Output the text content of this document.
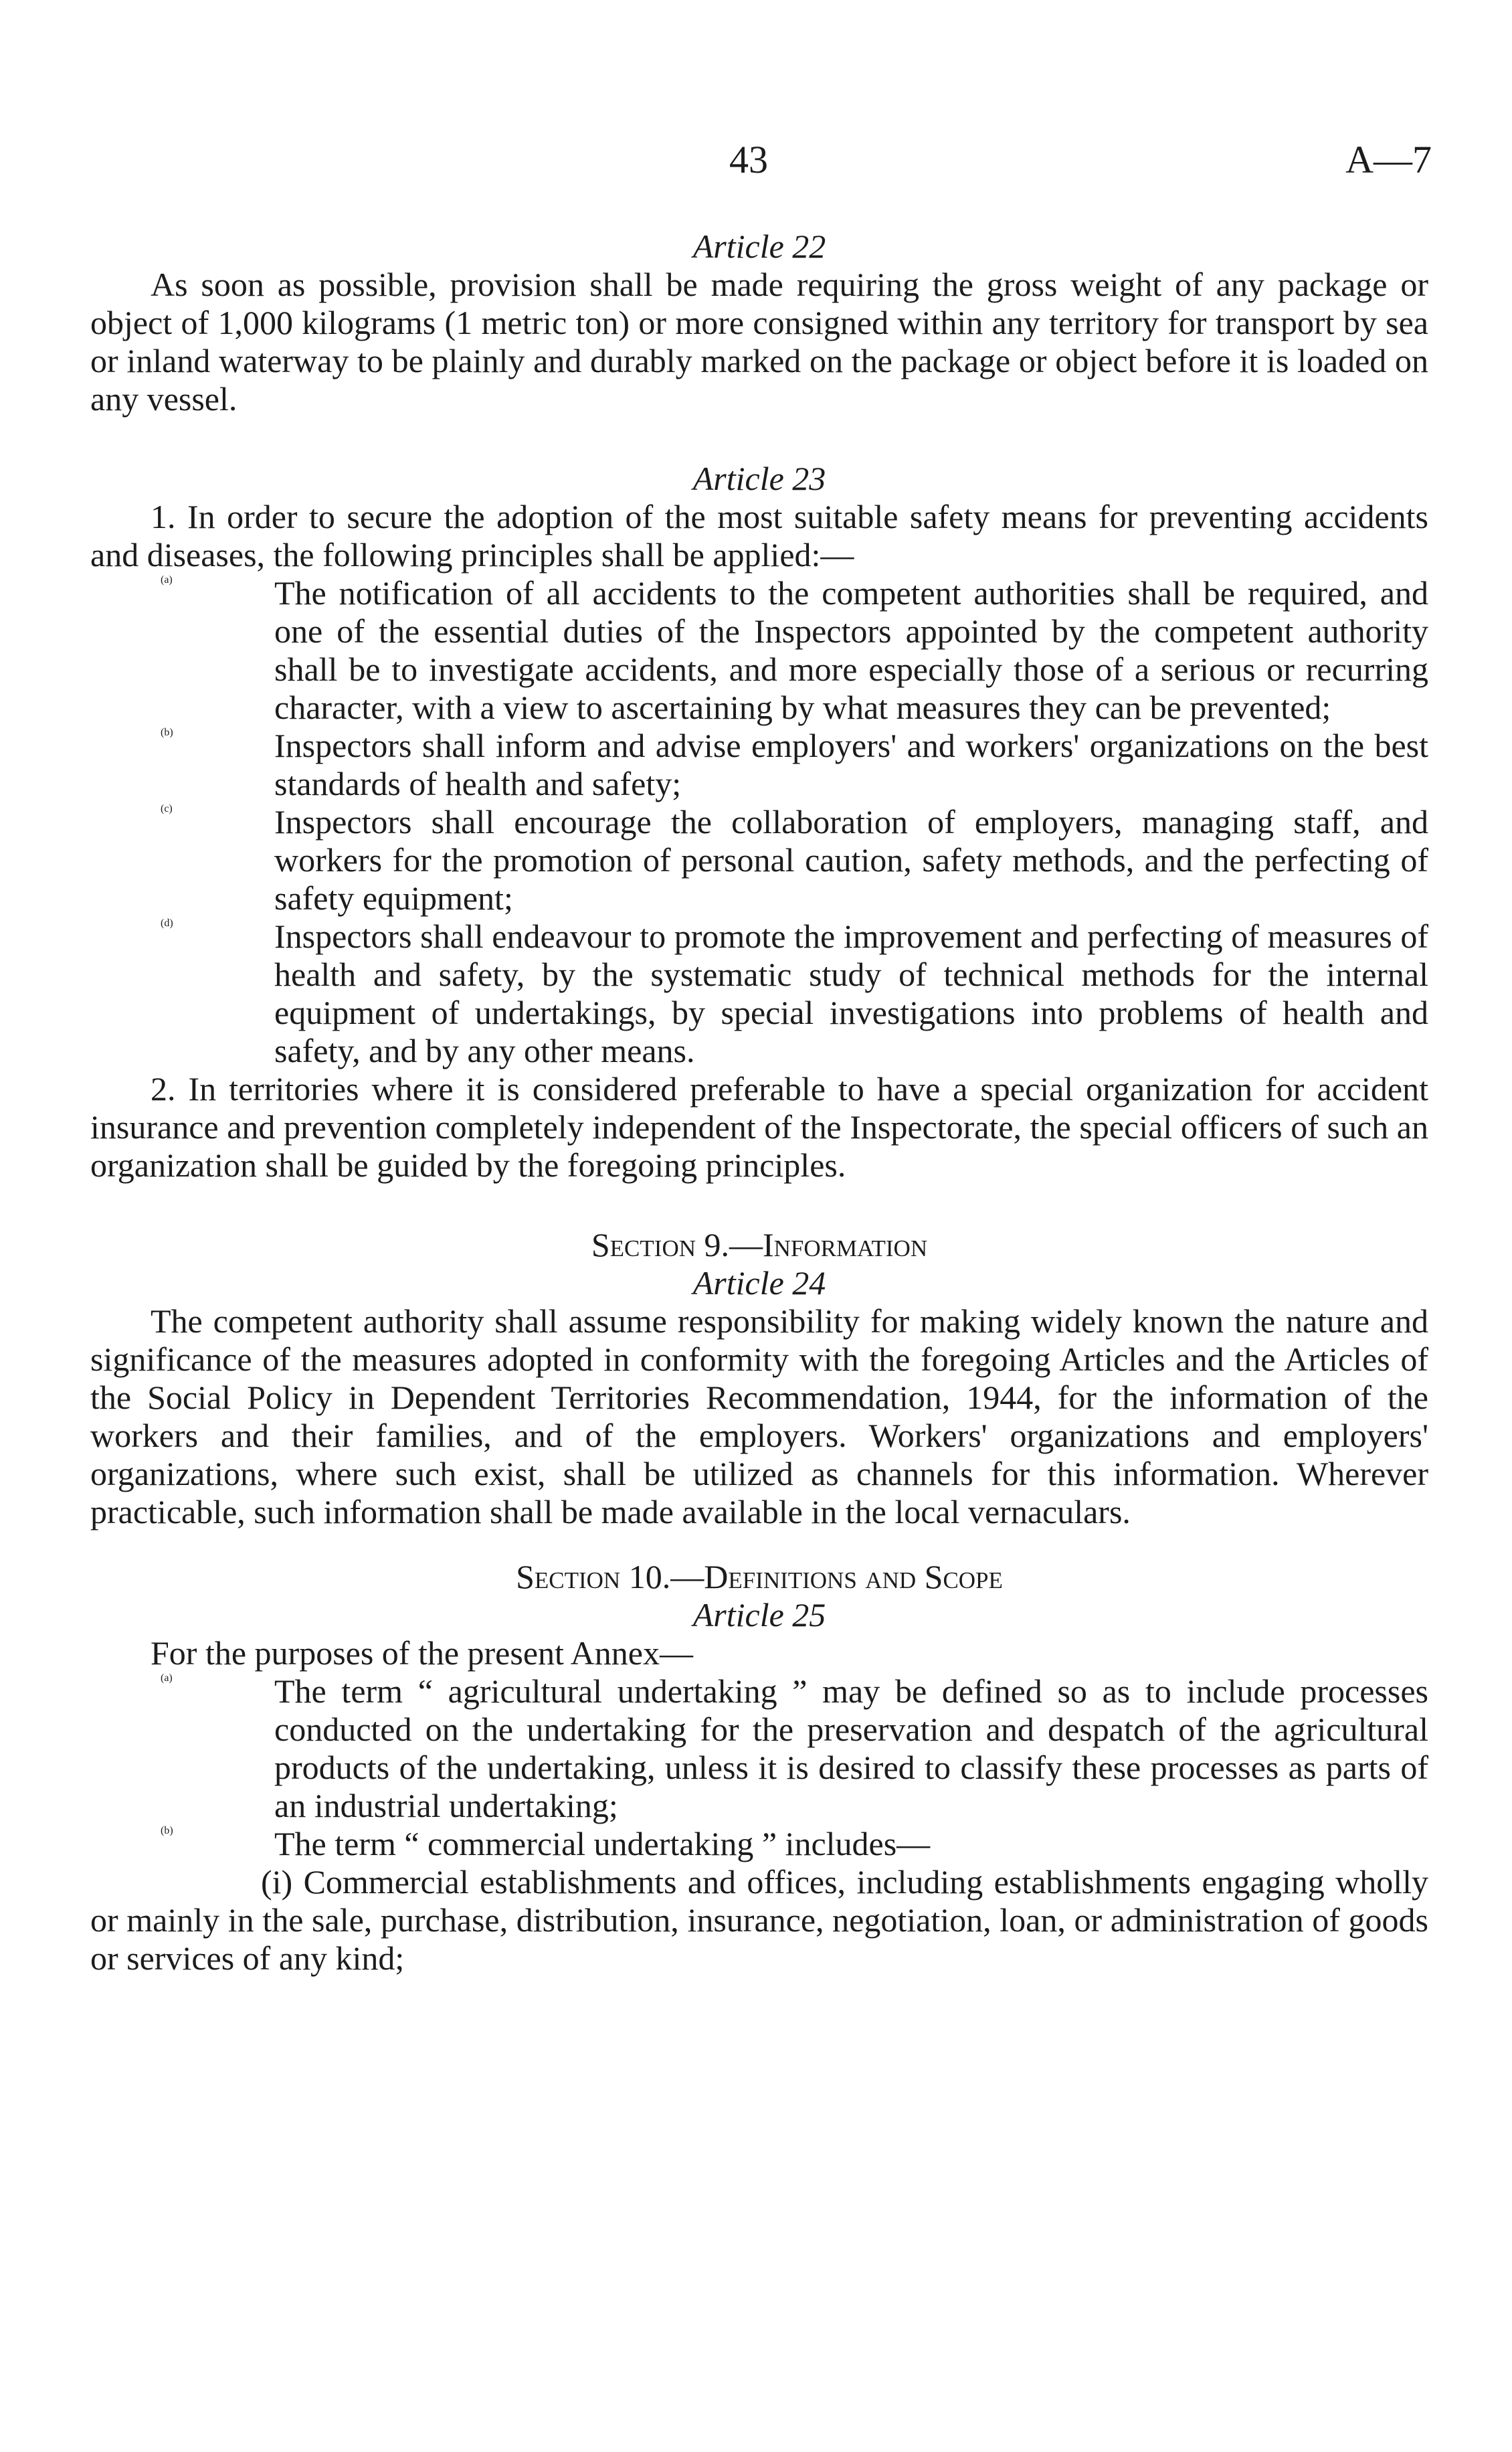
43	A—7

Article 22

As soon as possible, provision shall be made requiring the gross weight of any package or object of 1,000 kilograms (1 metric ton) or more consigned within any territory for transport by sea or inland waterway to be plainly and durably marked on the package or object before it is loaded on any vessel.

Article 23

1. In order to secure the adoption of the most suitable safety means for preventing accidents and diseases, the following principles shall be applied:—

(a)	The notification of all accidents to the competent authorities shall be required, and one of the essential duties of the Inspectors appointed by the competent authority shall be to investigate accidents, and more especially those of a serious or recurring character, with a view to ascertaining by what measures they can be prevented;

(b)	Inspectors shall inform and advise employers' and workers' organizations on the best standards of health and safety;

(c)	Inspectors shall encourage the collaboration of employers, managing staff, and workers for the promotion of personal caution, safety methods, and the perfecting of safety equipment;

(d)	Inspectors shall endeavour to promote the improvement and perfecting of measures of health and safety, by the systematic study of technical methods for the internal equipment of undertakings, by special investigations into problems of health and safety, and by any other means.

2. In territories where it is considered preferable to have a special organization for accident insurance and prevention completely independent of the Inspectorate, the special officers of such an organization shall be guided by the foregoing principles.

Section 9.—Information

Article 24

The competent authority shall assume responsibility for making widely known the nature and significance of the measures adopted in conformity with the foregoing Articles and the Articles of the Social Policy in Dependent Territories Recommendation, 1944, for the information of the workers and their families, and of the employers. Workers' organizations and employers' organizations, where such exist, shall be utilized as channels for this information. Wherever practicable, such information shall be made available in the local vernaculars.

Section 10.—Definitions and Scope

Article 25

For the purposes of the present Annex—

(a)	The term “ agricultural undertaking ” may be defined so as to include processes conducted on the undertaking for the preservation and despatch of the agricultural products of the undertaking, unless it is desired to classify these processes as parts of an industrial undertaking;

(b)	The term “ commercial undertaking ” includes—

(i) Commercial establishments and offices, including establishments engaging wholly or mainly in the sale, purchase, distribution, insurance, negotiation, loan, or administration of goods or services of any kind;
